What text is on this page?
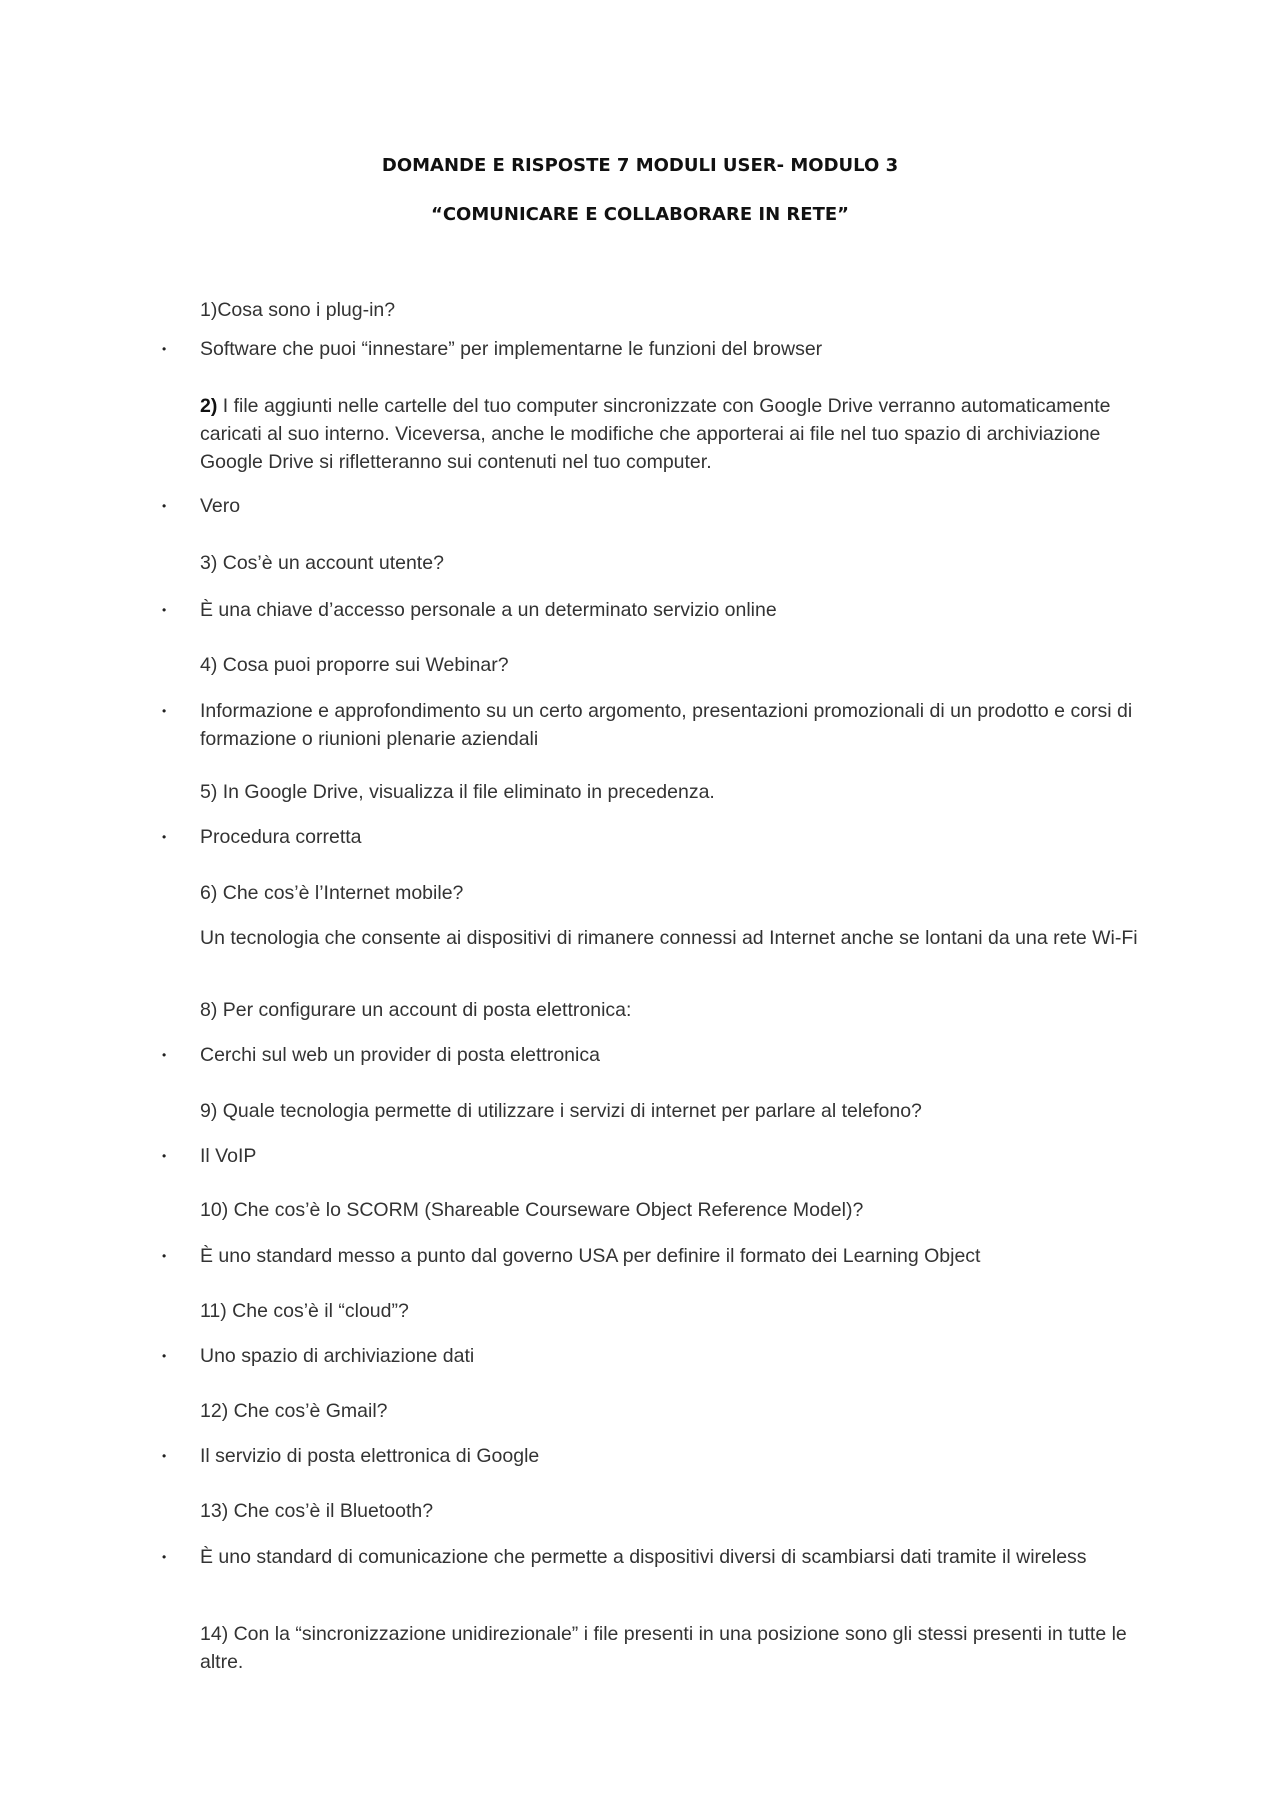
DOMANDE E RISPOSTE 7 MODULI USER- MODULO 3
“COMUNICARE E COLLABORARE IN RETE”
1)Cosa sono i plug-in?
•	Software che puoi “innestare” per implementarne le funzioni del browser
2) I file aggiunti nelle cartelle del tuo computer sincronizzate con Google Drive verranno automaticamente caricati al suo interno. Viceversa, anche le modifiche che apporterai ai file nel tuo spazio di archiviazione Google Drive si rifletteranno sui contenuti nel tuo computer.
•	Vero
3) Cos’è un account utente?
•	È una chiave d’accesso personale a un determinato servizio online
4) Cosa puoi proporre sui Webinar?
•	Informazione e approfondimento su un certo argomento, presentazioni promozionali di un prodotto e corsi di formazione o riunioni plenarie aziendali
5) In Google Drive, visualizza il file eliminato in precedenza.
•	Procedura corretta
6) Che cos’è l’Internet mobile?
Un tecnologia che consente ai dispositivi di rimanere connessi ad Internet anche se lontani da una rete Wi-Fi
8) Per configurare un account di posta elettronica:
•	Cerchi sul web un provider di posta elettronica
9) Quale tecnologia permette di utilizzare i servizi di internet per parlare al telefono?
•	Il VoIP
10) Che cos’è lo SCORM (Shareable Courseware Object Reference Model)?
•	È uno standard messo a punto dal governo USA per definire il formato dei Learning Object
11) Che cos’è il “cloud”?
•	Uno spazio di archiviazione dati
12) Che cos’è Gmail?
•	Il servizio di posta elettronica di Google
13) Che cos’è il Bluetooth?
•	È uno standard di comunicazione che permette a dispositivi diversi di scambiarsi dati tramite il wireless
14) Con la “sincronizzazione unidirezionale” i file presenti in una posizione sono gli stessi presenti in tutte le altre.
